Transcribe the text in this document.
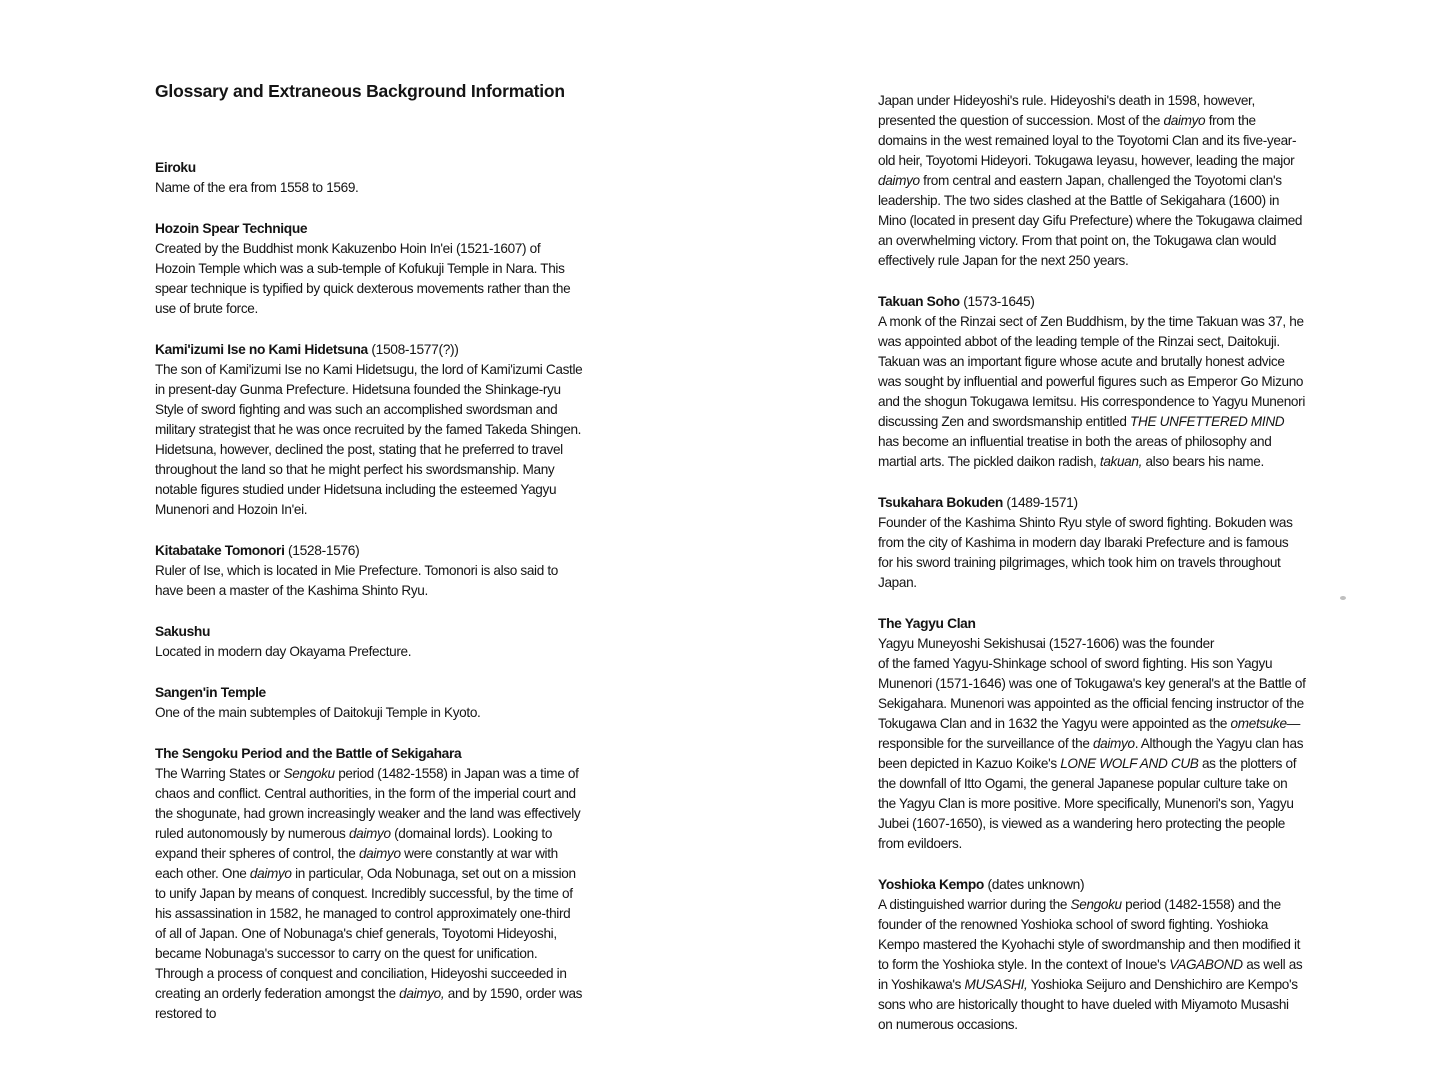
Glossary and Extraneous Background Information
Eiroku

Name of the era from 1558 to 1569.

Hozoin Spear Technique

Created by the Buddhist monk Kakuzenbo Hoin In'ei (1521-1607) of Hozoin Temple which was a sub-temple of Kofukuji Temple in Nara. This spear technique is typified by quick dexterous movements rather than the use of brute force.

Kami'izumi Ise no Kami Hidetsuna (1508-1577(?))

The son of Kami'izumi Ise no Kami Hidetsugu, the lord of Kami'izumi Castle in present-day Gunma Prefecture. Hidetsuna founded the Shinkage-ryu Style of sword fighting and was such an accomplished swordsman and military strategist that he was once recruited by the famed Takeda Shingen. Hidetsuna, however, declined the post, stating that he preferred to travel throughout the land so that he might perfect his swordsmanship. Many notable figures studied under Hidetsuna including the esteemed Yagyu Munenori and Hozoin In'ei.

Kitabatake Tomonori (1528-1576)

Ruler of Ise, which is located in Mie Prefecture. Tomonori is also said to have been a master of the Kashima Shinto Ryu.

Sakushu

Located in modern day Okayama Prefecture.

Sangen'in Temple

One of the main subtemples of Daitokuji Temple in Kyoto.

The Sengoku Period and the Battle of Sekigahara

The Warring States or Sengoku period (1482-1558) in Japan was a time of chaos and conflict. Central authorities, in the form of the imperial court and the shogunate, had grown increasingly weaker and the land was effectively ruled autonomously by numerous daimyo (domainal lords). Looking to expand their spheres of control, the daimyo were constantly at war with each other. One daimyo in particular, Oda Nobunaga, set out on a mission to unify Japan by means of conquest. Incredibly successful, by the time of his assassination in 1582, he managed to control approximately one-third of all of Japan. One of Nobunaga's chief generals, Toyotomi Hideyoshi, became Nobunaga's successor to carry on the quest for unification. Through a process of conquest and conciliation, Hideyoshi succeeded in creating an orderly federation amongst the daimyo, and by 1590, order was restored to

Japan under Hideyoshi's rule. Hideyoshi's death in 1598, however, presented the question of succession. Most of the daimyo from the domains in the west remained loyal to the Toyotomi Clan and its five-year-old heir, Toyotomi Hideyori. Tokugawa Ieyasu, however, leading the major daimyo from central and eastern Japan, challenged the Toyotomi clan's leadership. The two sides clashed at the Battle of Sekigahara (1600) in Mino (located in present day Gifu Prefecture) where the Tokugawa claimed an overwhelming victory. From that point on, the Tokugawa clan would effectively rule Japan for the next 250 years.

Takuan Soho (1573-1645)

A monk of the Rinzai sect of Zen Buddhism, by the time Takuan was 37, he was appointed abbot of the leading temple of the Rinzai sect, Daitokuji. Takuan was an important figure whose acute and brutally honest advice was sought by influential and powerful figures such as Emperor Go Mizuno and the shogun Tokugawa Iemitsu. His correspondence to Yagyu Munenori discussing Zen and swordsmanship entitled THE UNFETTERED MIND has become an influential treatise in both the areas of philosophy and martial arts. The pickled daikon radish, takuan, also bears his name.

Tsukahara Bokuden (1489-1571)

Founder of the Kashima Shinto Ryu style of sword fighting. Bokuden was from the city of Kashima in modern day Ibaraki Prefecture and is famous for his sword training pilgrimages, which took him on travels throughout Japan.

The Yagyu Clan

Yagyu Muneyoshi Sekishusai (1527-1606) was the founder
of the famed Yagyu-Shinkage school of sword fighting. His son Yagyu Munenori (1571-1646) was one of Tokugawa's key general's at the Battle of Sekigahara. Munenori was appointed as the official fencing instructor of the Tokugawa Clan and in 1632 the Yagyu were appointed as the ometsuke—responsible for the surveillance of the daimyo. Although the Yagyu clan has been depicted in Kazuo Koike's LONE WOLF AND CUB as the plotters of the downfall of Itto Ogami, the general Japanese popular culture take on the Yagyu Clan is more positive. More specifically, Munenori's son, Yagyu Jubei (1607-1650), is viewed as a wandering hero protecting the people from evildoers.

Yoshioka Kempo (dates unknown)

A distinguished warrior during the Sengoku period (1482-1558) and the founder of the renowned Yoshioka school of sword fighting. Yoshioka Kempo mastered the Kyohachi style of swordmanship and then modified it to form the Yoshioka style. In the context of Inoue's VAGABOND as well as in Yoshikawa's MUSASHI, Yoshioka Seijuro and Denshichiro are Kempo's sons who are historically thought to have dueled with Miyamoto Musashi on numerous occasions.
